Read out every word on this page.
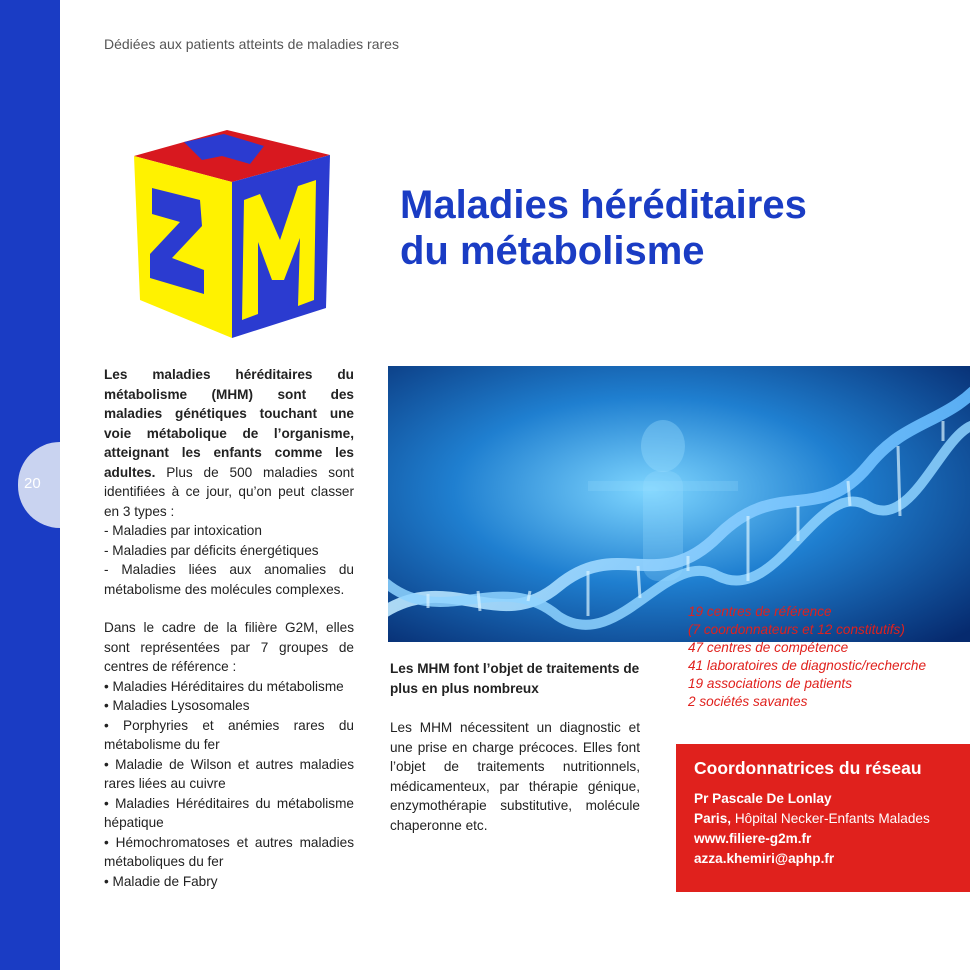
20
Dédiées aux patients atteints de maladies rares
Maladies héréditaires
du métabolisme

Les maladies héréditaires du métabolisme (MHM) sont des maladies génétiques touchant une voie métabolique de l’organisme, atteignant les enfants comme les adultes. Plus de 500 maladies sont identifiées à ce jour, qu’on peut classer en 3 types :

- Maladies par intoxication
- Maladies par déficits énergétiques
- Maladies liées aux anomalies du métabolisme des molécules complexes.

Dans le cadre de la filière G2M, elles sont représentées par 7 groupes de centres de référence :

• Maladies Héréditaires du métabolisme
• Maladies Lysosomales
• Porphyries et anémies rares du métabolisme du fer
• Maladie de Wilson et autres maladies rares liées au cuivre
• Maladies Héréditaires du métabolisme hépatique
• Hémochromatoses et autres maladies métaboliques du fer
• Maladie de Fabry
Les MHM font l’objet de traitements de plus en plus nombreux

Les MHM nécessitent un diagnostic et une prise en charge précoces. Elles font l’objet de traitements nutritionnels, médicamenteux, par thérapie génique, enzymothérapie substitutive, molécule chaperonne etc.

19 centres de référence
(7 coordonnateurs et 12 constitutifs)
47 centres de compétence
41 laboratoires de diagnostic/recherche
19 associations de patients
2 sociétés savantes
Coordonnatrices du réseau
Pr Pascale De Lonlay
Paris, Hôpital Necker-Enfants Malades
www.filiere-g2m.fr
azza.khemiri@aphp.fr
